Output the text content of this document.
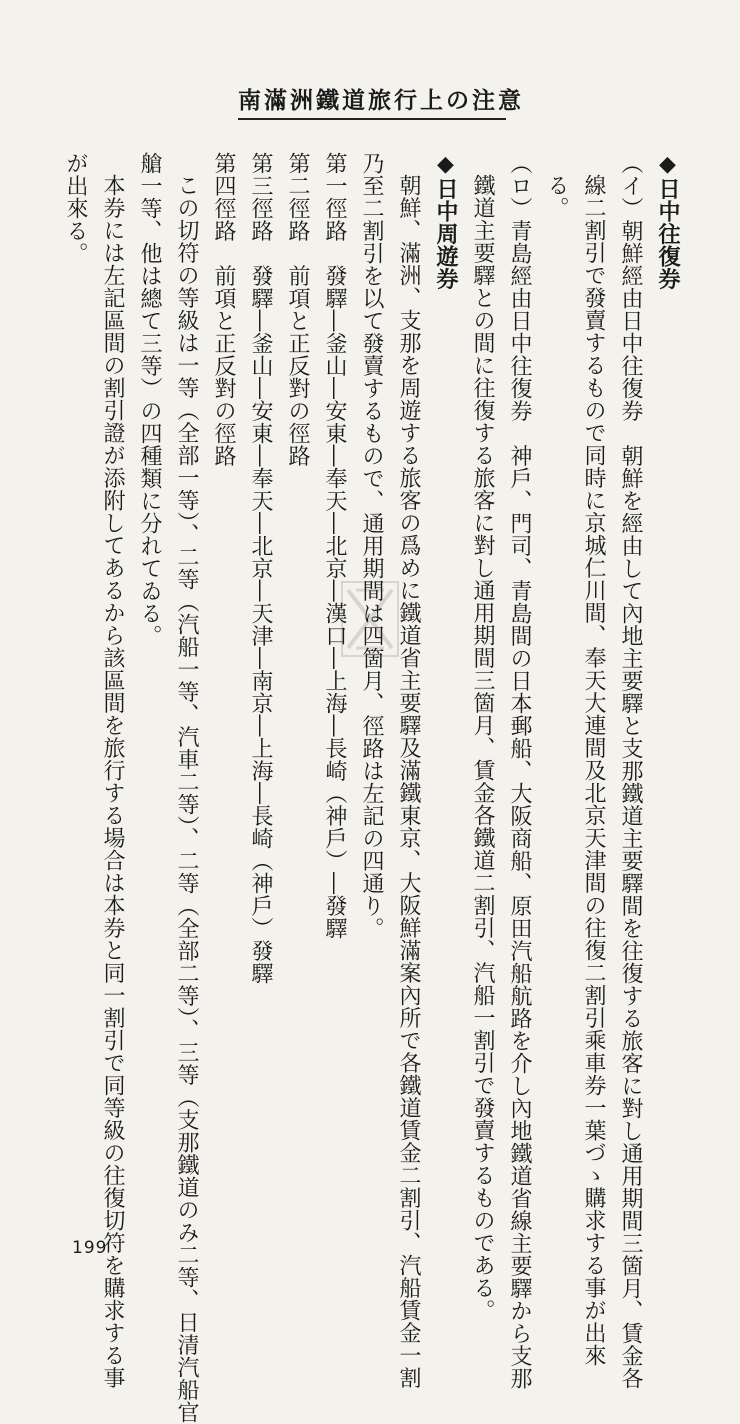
南滿洲鐵道旅行上の注意
◆日中往復券
（イ）朝鮮經由日中往復券　朝鮮を經由して內地主要驛と支那鐵道主要驛間を往復する旅客に對し通用期間三箇月、賃金各
線二割引で發賣するもので同時に京城仁川間、奉天大連間及北京天津間の往復二割引乘車券一葉づゝ購求する事が出來
る。
（ロ）青島經由日中往復券　神戶、門司、青島間の日本郵船、大阪商船、原田汽船航路を介し內地鐵道省線主要驛から支那
鐵道主要驛との間に往復する旅客に對し通用期間三箇月、賃金各鐵道二割引、汽船一割引で發賣するものである。
◆日中周遊券
朝鮮、滿洲、支那を周遊する旅客の爲めに鐵道省主要驛及滿鐵東京、大阪鮮滿案內所で各鐵道賃金二割引、汽船賃金一割
乃至二割引を以て發賣するもので、通用期間は四箇月、徑路は左記の四通り。
第一徑路　發驛―釜山―安東―奉天―北京―漢口―上海―長崎（神戶）―發驛
第二徑路　前項と正反對の徑路
第三徑路　發驛―釜山―安東―奉天―北京―天津―南京―上海―長崎（神戶）發驛
第四徑路　前項と正反對の徑路
この切符の等級は一等（全部一等）、二等（汽船一等、汽車二等）、二等（全部二等）、三等（支那鐵道のみ二等、日清汽船官
艙一等、他は總て三等）の四種類に分れてゐる。
本券には左記區間の割引證が添附してあるから該區間を旅行する場合は本券と同一割引で同等級の往復切符を購求する事
が出來る。
199
